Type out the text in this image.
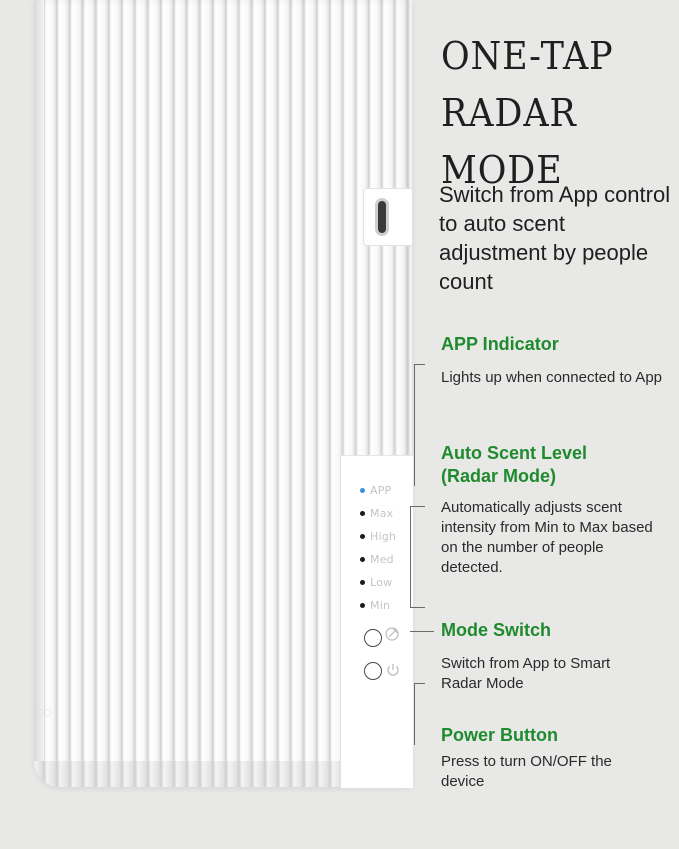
◌◌
APP
Max
High
Med
Low
Min
ONE-TAP
RADAR
MODE

Switch from App control to auto scent adjustment by people count

APP Indicator

Lights up when connected to App

Auto Scent Level (Radar Mode)

Automatically adjusts scent intensity from Min to Max based on the number of people detected.

Mode Switch

Switch from App to Smart Radar Mode

Power Button

Press to turn ON/OFF the device
